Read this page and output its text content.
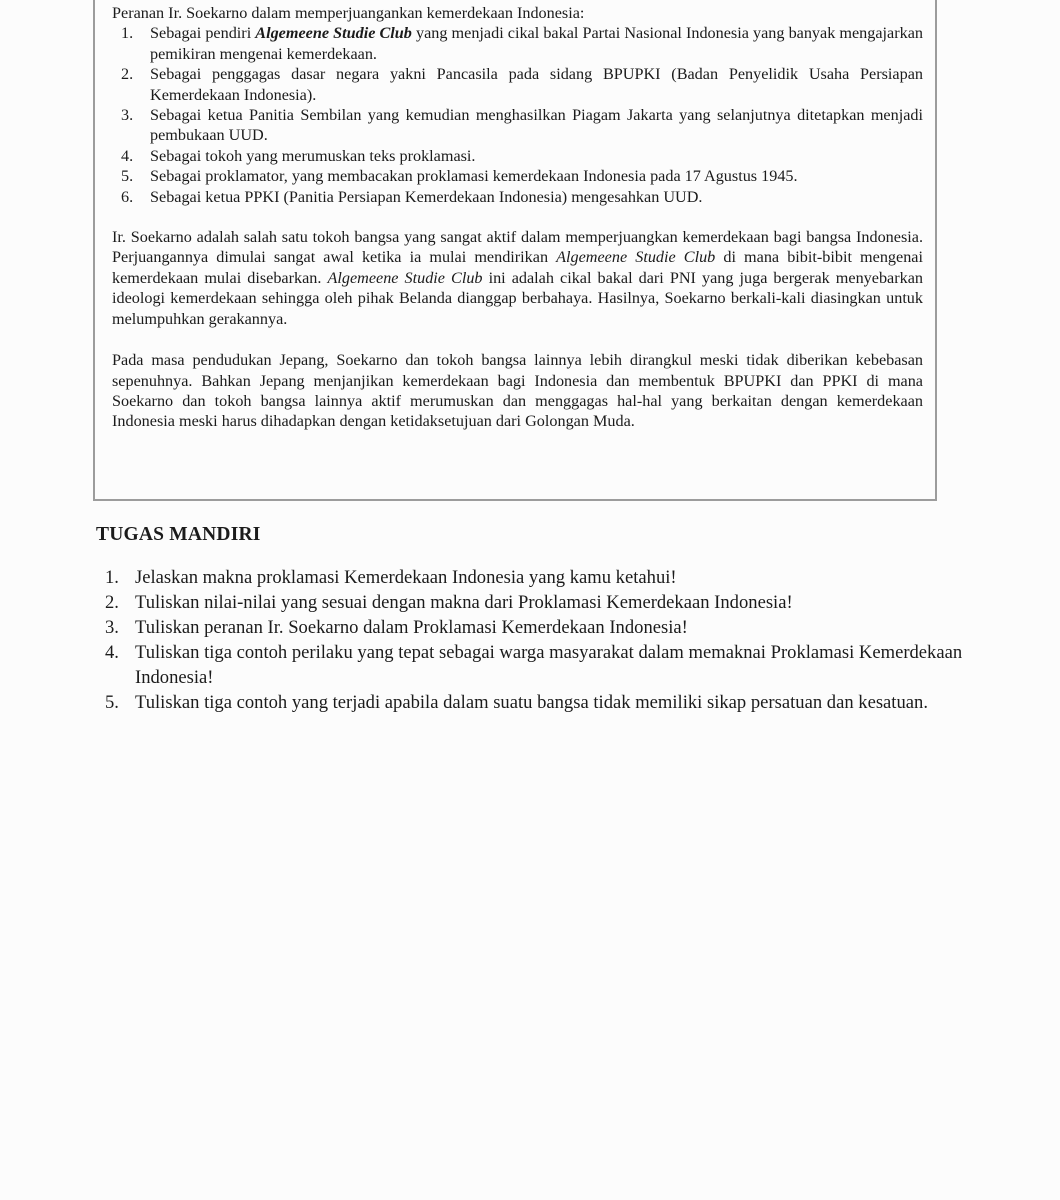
Peranan Ir. Soekarno dalam memperjuangankan kemerdekaan Indonesia:

1. Sebagai pendiri Algemeene Studie Club yang menjadi cikal bakal Partai Nasional Indonesia yang banyak mengajarkan pemikiran mengenai kemerdekaan.
2. Sebagai penggagas dasar negara yakni Pancasila pada sidang BPUPKI (Badan Penyelidik Usaha Persiapan Kemerdekaan Indonesia).
3. Sebagai ketua Panitia Sembilan yang kemudian menghasilkan Piagam Jakarta yang selanjutnya ditetapkan menjadi pembukaan UUD.
4. Sebagai tokoh yang merumuskan teks proklamasi.
5. Sebagai proklamator, yang membacakan proklamasi kemerdekaan Indonesia pada 17 Agustus 1945.
6. Sebagai ketua PPKI (Panitia Persiapan Kemerdekaan Indonesia) mengesahkan UUD.

Ir. Soekarno adalah salah satu tokoh bangsa yang sangat aktif dalam memperjuangkan kemerdekaan bagi bangsa Indonesia. Perjuangannya dimulai sangat awal ketika ia mulai mendirikan Algemeene Studie Club di mana bibit-bibit mengenai kemerdekaan mulai disebarkan. Algemeene Studie Club ini adalah cikal bakal dari PNI yang juga bergerak menyebarkan ideologi kemerdekaan sehingga oleh pihak Belanda dianggap berbahaya. Hasilnya, Soekarno berkali-kali diasingkan untuk melumpuhkan gerakannya.

Pada masa pendudukan Jepang, Soekarno dan tokoh bangsa lainnya lebih dirangkul meski tidak diberikan kebebasan sepenuhnya. Bahkan Jepang menjanjikan kemerdekaan bagi Indonesia dan membentuk BPUPKI dan PPKI di mana Soekarno dan tokoh bangsa lainnya aktif merumuskan dan menggagas hal-hal yang berkaitan dengan kemerdekaan Indonesia meski harus dihadapkan dengan ketidaksetujuan dari Golongan Muda.

TUGAS MANDIRI
1. Jelaskan makna proklamasi Kemerdekaan Indonesia yang kamu ketahui!
2. Tuliskan nilai-nilai yang sesuai dengan makna dari Proklamasi Kemerdekaan Indonesia!
3. Tuliskan peranan Ir. Soekarno dalam Proklamasi Kemerdekaan Indonesia!
4. Tuliskan tiga contoh perilaku yang tepat sebagai warga masyarakat dalam memaknai Proklamasi Kemerdekaan Indonesia!
5. Tuliskan tiga contoh yang terjadi apabila dalam suatu bangsa tidak memiliki sikap persatuan dan kesatuan.
